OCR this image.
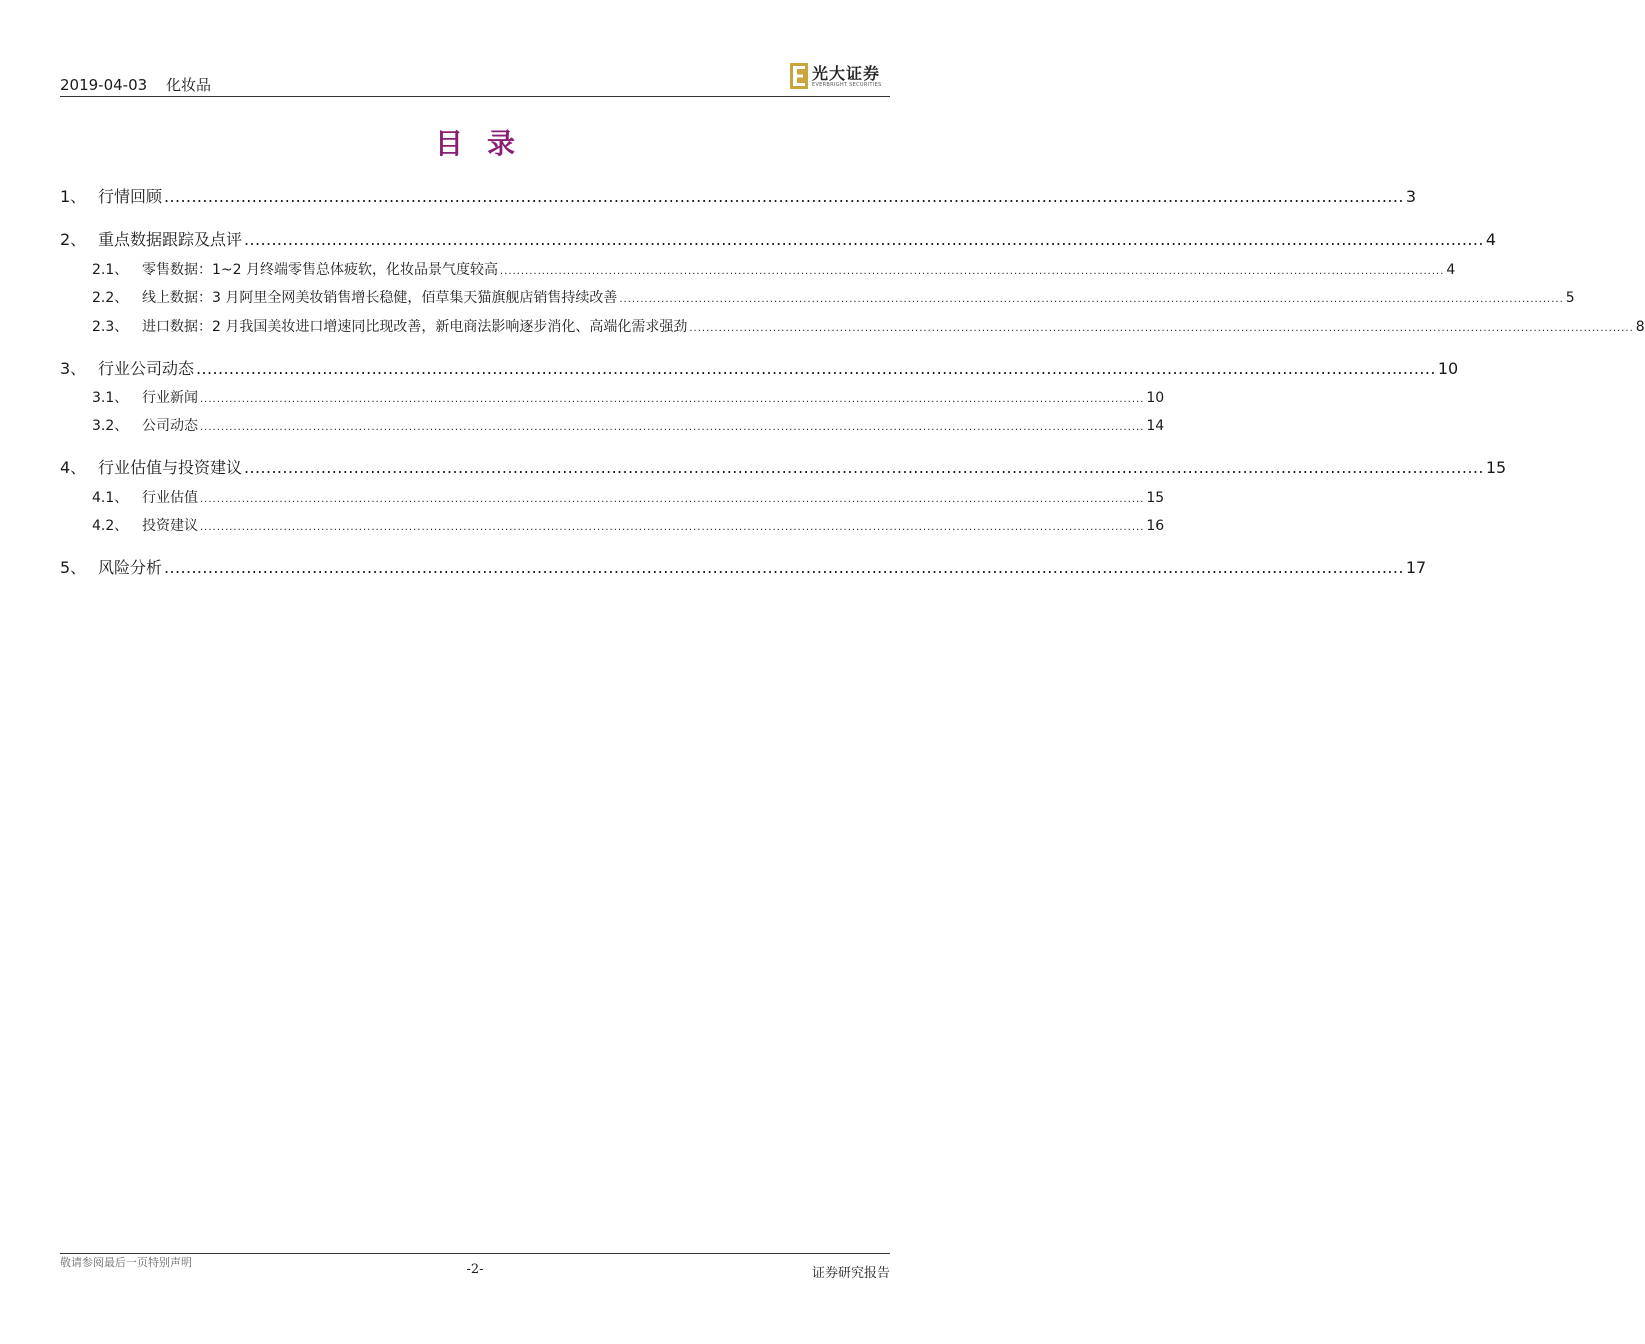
2019-04-03 化妆品
光大证券
EVERBRIGHT SECURITIES
目录
1、 行情回顾 .................................................................................................................................................................................................................................. 3
2、 重点数据跟踪及点评 .................................................................................................................................................................................................................................. 4
2.1、 零售数据：1~2 月终端零售总体疲软，化妆品景气度较高 .................................................................................................................................................................................................................................. 4
2.2、 线上数据：3 月阿里全网美妆销售增长稳健，佰草集天猫旗舰店销售持续改善 .................................................................................................................................................................................................................................. 5
2.3、 进口数据：2 月我国美妆进口增速同比现改善，新电商法影响逐步消化、高端化需求强劲 .................................................................................................................................................................................................................................. 8
3、 行业公司动态 .................................................................................................................................................................................................................................. 10
3.1、 行业新闻 .................................................................................................................................................................................................................................. 10
3.2、 公司动态 .................................................................................................................................................................................................................................. 14
4、 行业估值与投资建议 .................................................................................................................................................................................................................................. 15
4.1、 行业估值 .................................................................................................................................................................................................................................. 15
4.2、 投资建议 .................................................................................................................................................................................................................................. 16
5、 风险分析 .................................................................................................................................................................................................................................. 17
敬请参阅最后一页特别声明	-2-	证券研究报告
